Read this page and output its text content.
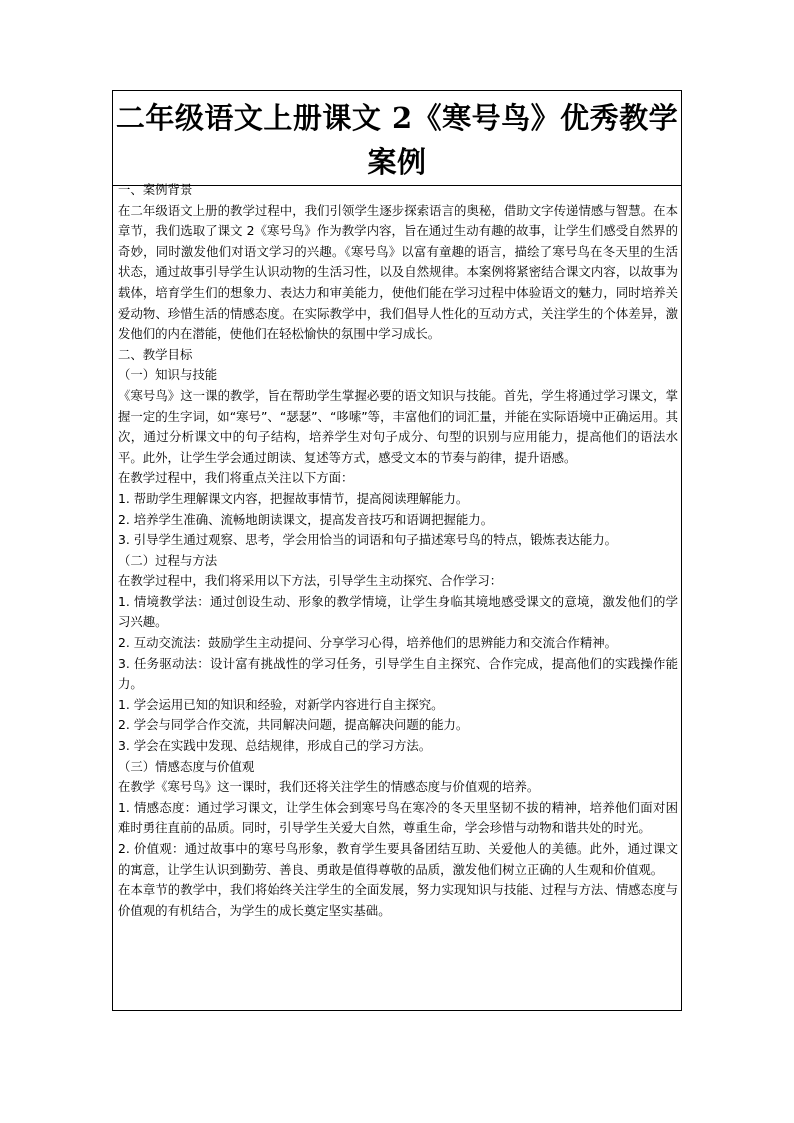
二年级语文上册课文 2《寒号鸟》优秀教学案例

一、案例背景

在二年级语文上册的教学过程中，我们引领学生逐步探索语言的奥秘，借助文字传递情感与智慧。在本章节，我们选取了课文 2《寒号鸟》作为教学内容，旨在通过生动有趣的故事，让学生们感受自然界的奇妙，同时激发他们对语文学习的兴趣。《寒号鸟》以富有童趣的语言，描绘了寒号鸟在冬天里的生活状态，通过故事引导学生认识动物的生活习性，以及自然规律。本案例将紧密结合课文内容，以故事为载体，培育学生们的想象力、表达力和审美能力，使他们能在学习过程中体验语文的魅力，同时培养关爱动物、珍惜生活的情感态度。在实际教学中，我们倡导人性化的互动方式，关注学生的个体差异，激发他们的内在潜能，使他们在轻松愉快的氛围中学习成长。

二、教学目标

（一）知识与技能

《寒号鸟》这一课的教学，旨在帮助学生掌握必要的语文知识与技能。首先，学生将通过学习课文，掌握一定的生字词，如“寒号”、“瑟瑟”、“哆嗦”等，丰富他们的词汇量，并能在实际语境中正确运用。其次，通过分析课文中的句子结构，培养学生对句子成分、句型的识别与应用能力，提高他们的语法水平。此外，让学生学会通过朗读、复述等方式，感受文本的节奏与韵律，提升语感。

在教学过程中，我们将重点关注以下方面：

1. 帮助学生理解课文内容，把握故事情节，提高阅读理解能力。

2. 培养学生准确、流畅地朗读课文，提高发音技巧和语调把握能力。

3. 引导学生通过观察、思考，学会用恰当的词语和句子描述寒号鸟的特点，锻炼表达能力。

（二）过程与方法

在教学过程中，我们将采用以下方法，引导学生主动探究、合作学习：

1. 情境教学法：通过创设生动、形象的教学情境，让学生身临其境地感受课文的意境，激发他们的学习兴趣。

2. 互动交流法：鼓励学生主动提问、分享学习心得，培养他们的思辨能力和交流合作精神。

3. 任务驱动法：设计富有挑战性的学习任务，引导学生自主探究、合作完成，提高他们的实践操作能力。

1. 学会运用已知的知识和经验，对新学内容进行自主探究。

2. 学会与同学合作交流，共同解决问题，提高解决问题的能力。

3. 学会在实践中发现、总结规律，形成自己的学习方法。

（三）情感态度与价值观

在教学《寒号鸟》这一课时，我们还将关注学生的情感态度与价值观的培养。

1. 情感态度：通过学习课文，让学生体会到寒号鸟在寒冷的冬天里坚韧不拔的精神，培养他们面对困难时勇往直前的品质。同时，引导学生关爱大自然，尊重生命，学会珍惜与动物和谐共处的时光。

2. 价值观：通过故事中的寒号鸟形象，教育学生要具备团结互助、关爱他人的美德。此外，通过课文的寓意，让学生认识到勤劳、善良、勇敢是值得尊敬的品质，激发他们树立正确的人生观和价值观。

在本章节的教学中，我们将始终关注学生的全面发展，努力实现知识与技能、过程与方法、情感态度与价值观的有机结合，为学生的成长奠定坚实基础。
